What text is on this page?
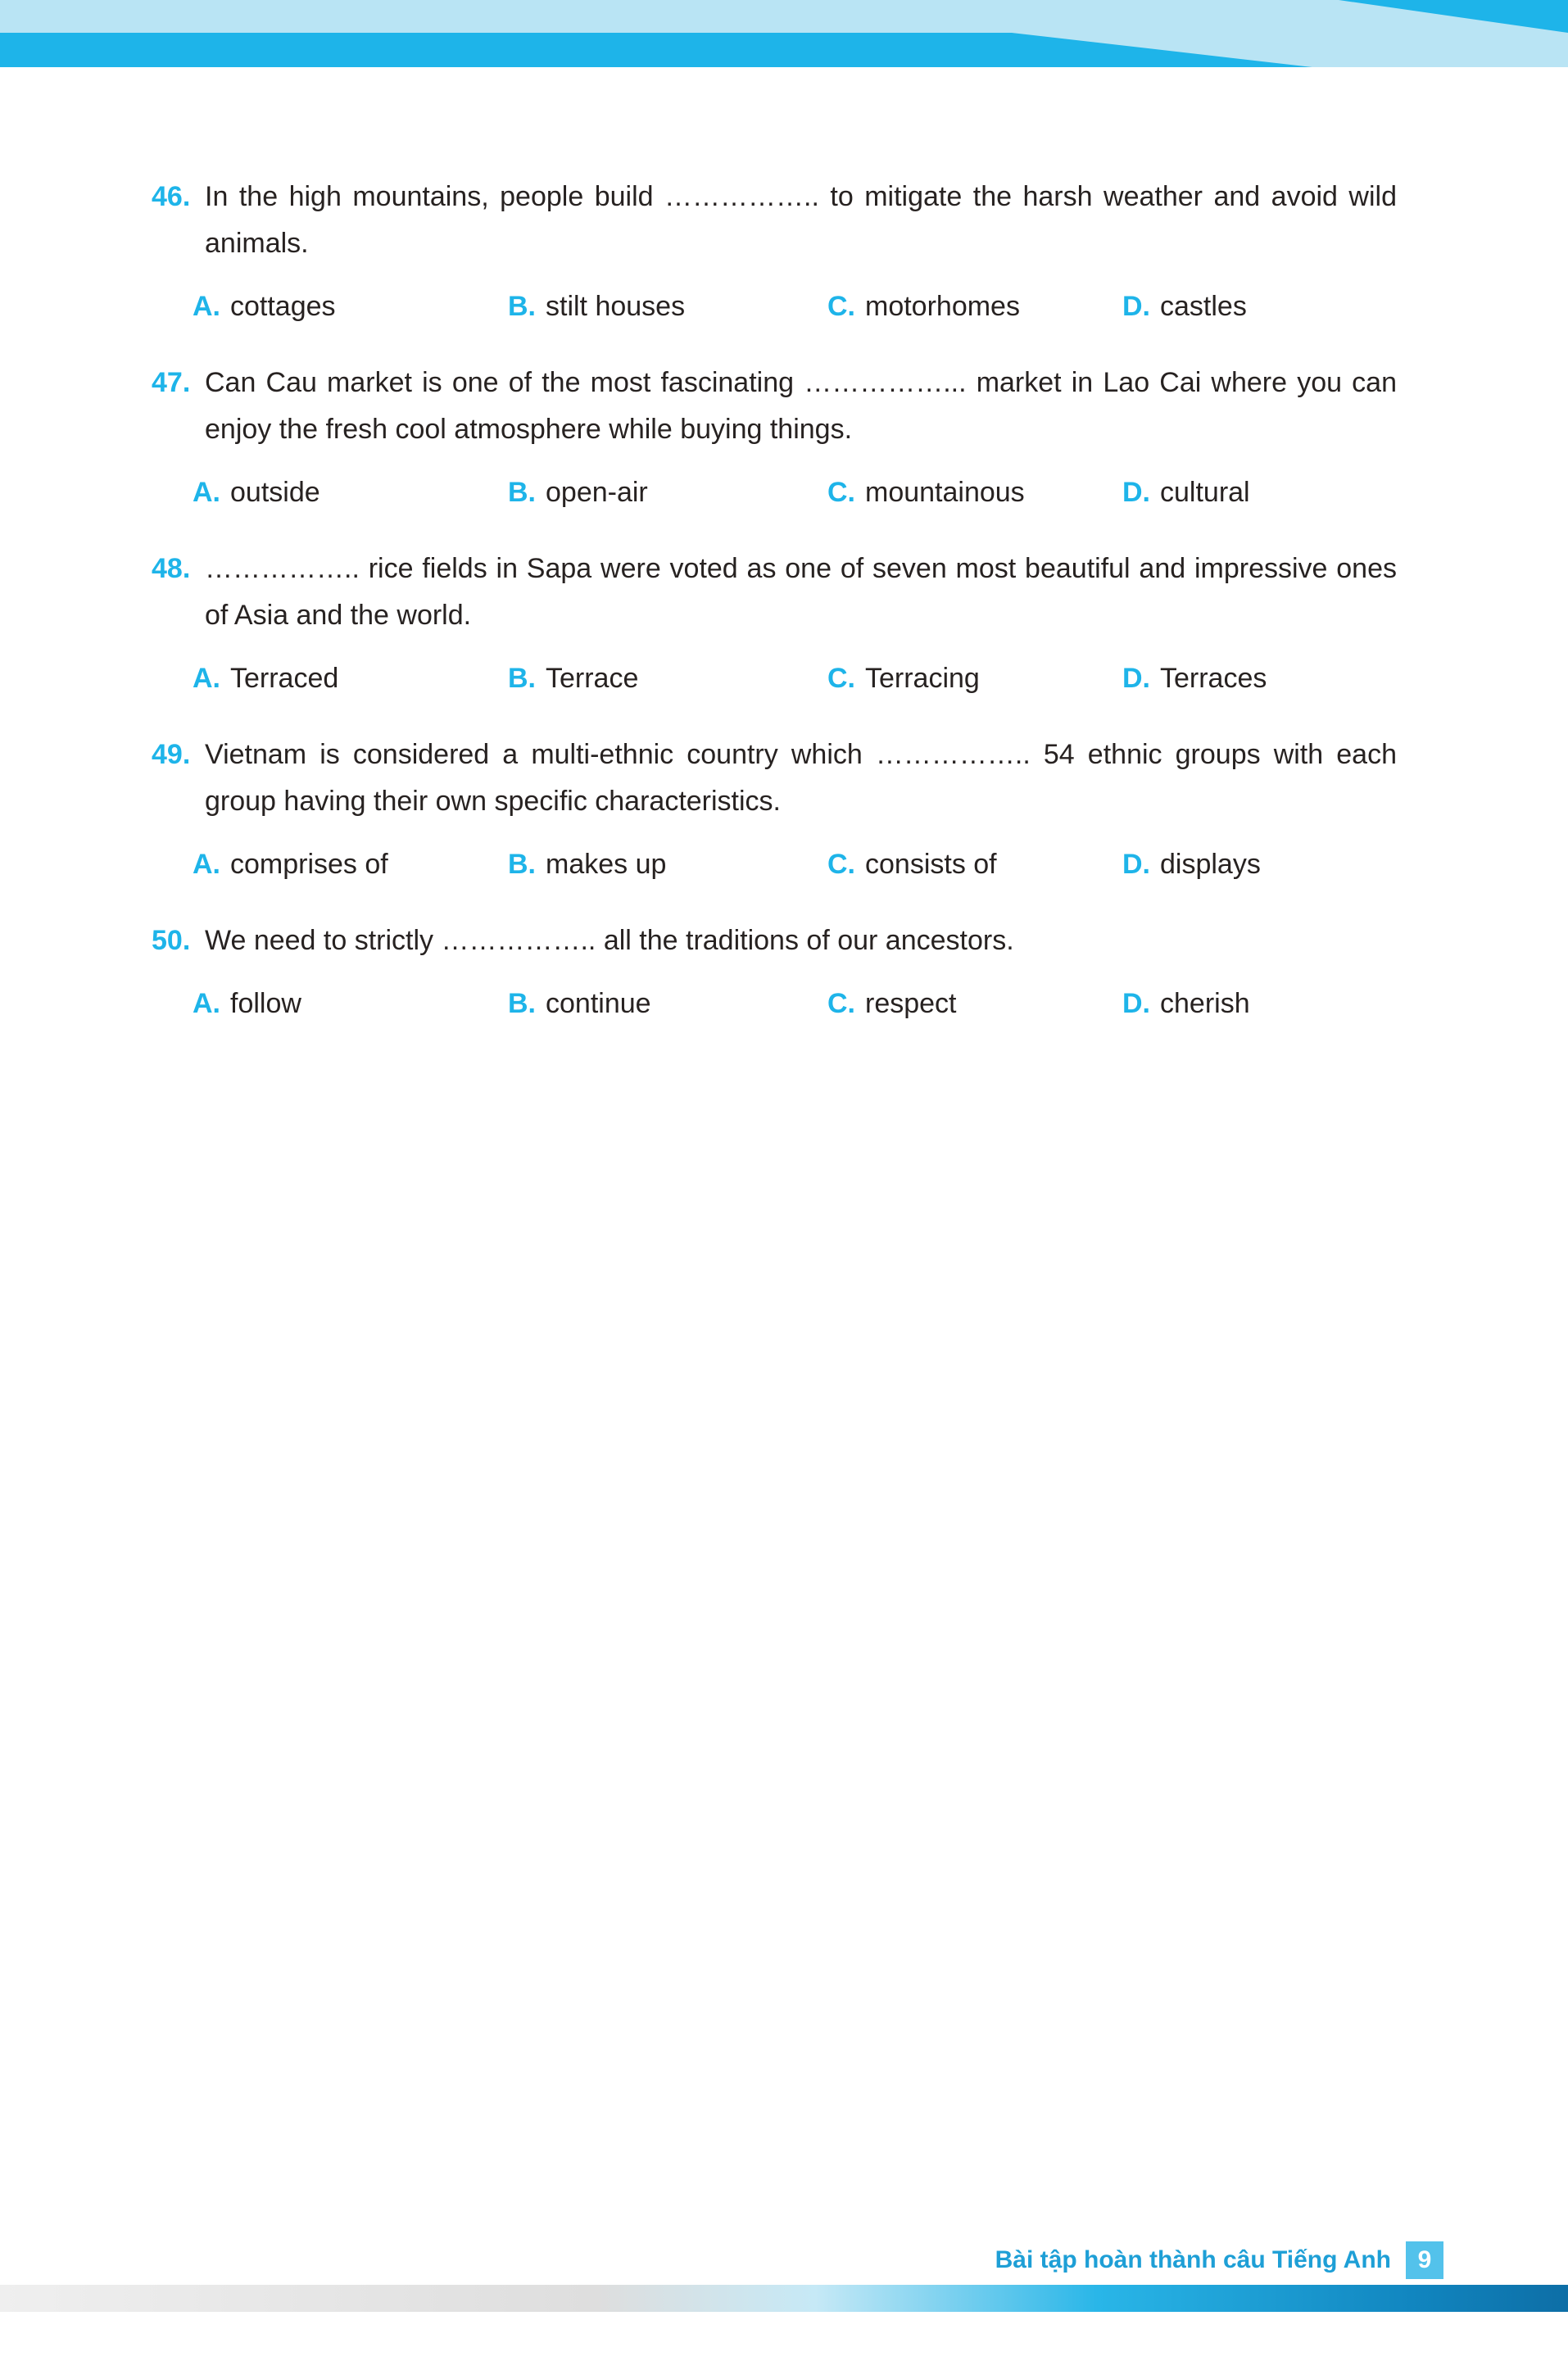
46. In the high mountains, people build …………….. to mitigate the harsh weather and avoid wild animals.
A. cottages	B. stilt houses	C. motorhomes	D. castles
47. Can Cau market is one of the most fascinating ……………... market in Lao Cai where you can enjoy the fresh cool atmosphere while buying things.
A. outside	B. open-air	C. mountainous	D. cultural
48. …………….. rice fields in Sapa were voted as one of seven most beautiful and impressive ones of Asia and the world.
A. Terraced	B. Terrace	C. Terracing	D. Terraces
49. Vietnam is considered a multi-ethnic country which …………….. 54 ethnic groups with each group having their own specific characteristics.
A. comprises of	B. makes up	C. consists of	D. displays
50. We need to strictly …………….. all the traditions of our ancestors.
A. follow	B. continue	C. respect	D. cherish
Bài tập hoàn thành câu Tiếng Anh	9
